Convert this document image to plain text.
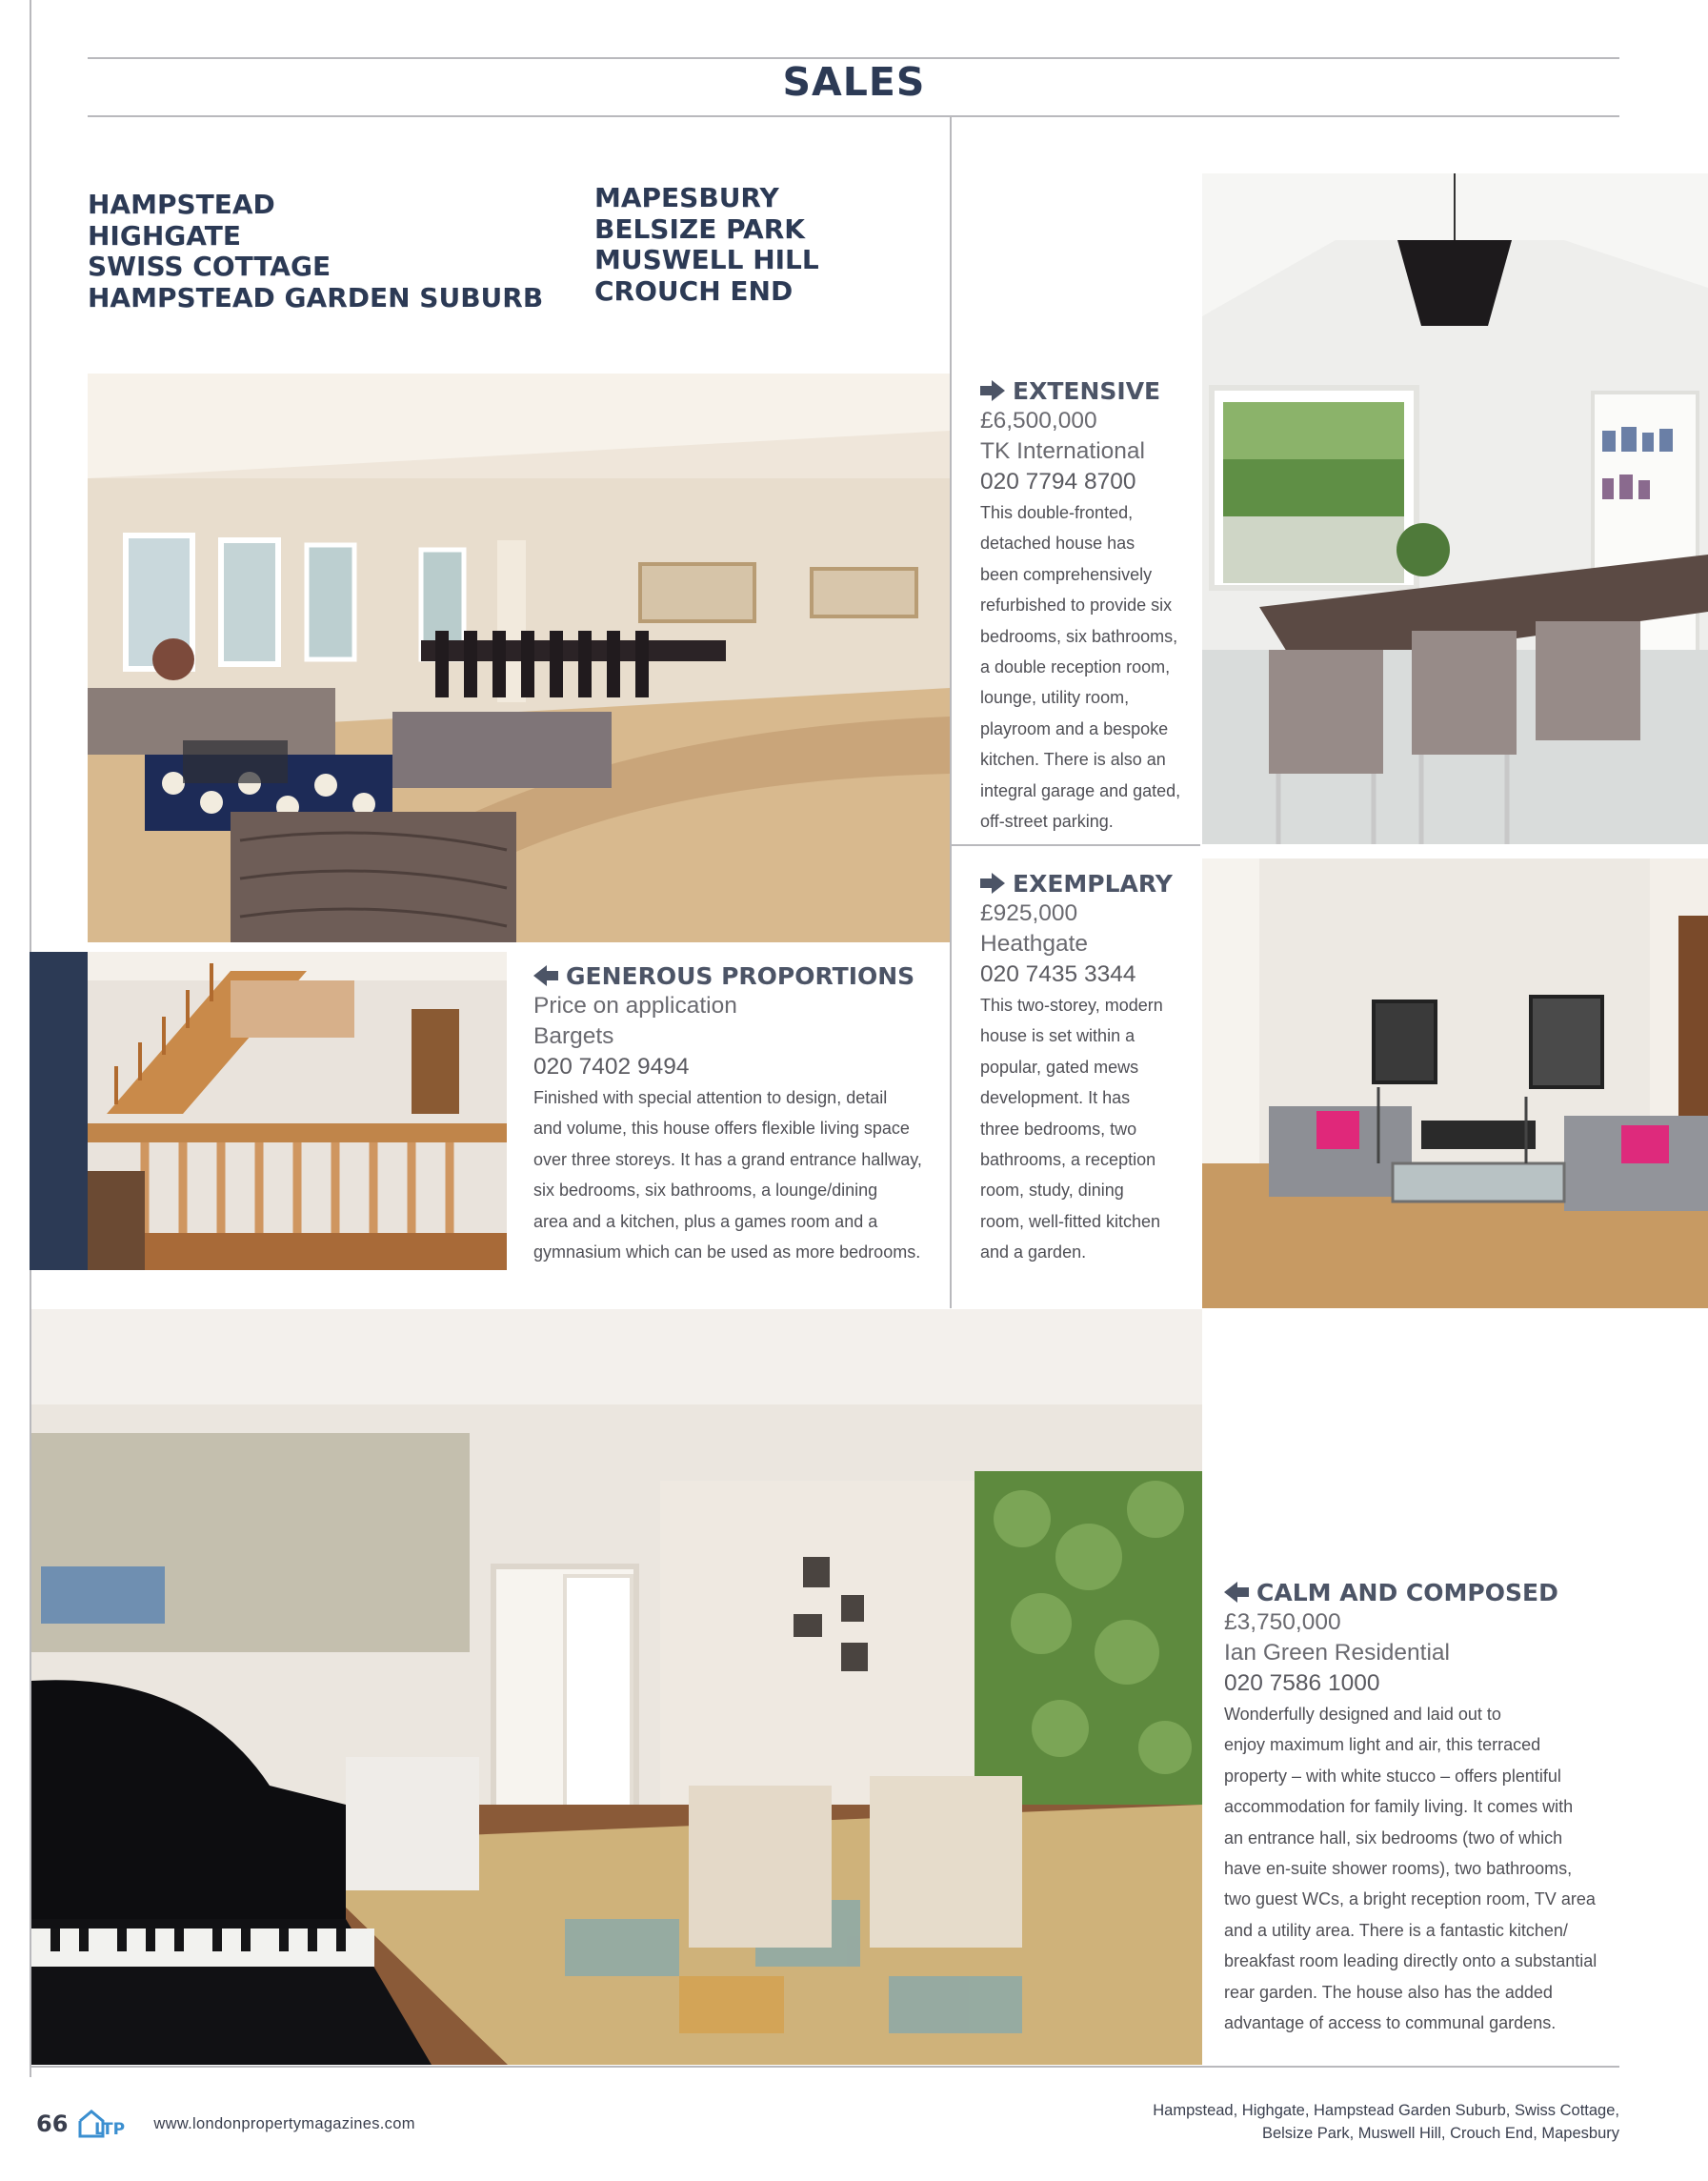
SALES
HAMPSTEAD
HIGHGATE
SWISS COTTAGE
HAMPSTEAD GARDEN SUBURB
MAPESBURY
BELSIZE PARK
MUSWELL HILL
CROUCH END
EXTENSIVE
£6,500,000
TK International
020 7794 8700
This double-fronted,
detached house has
been comprehensively
refurbished to provide six
bedrooms, six bathrooms,
a double reception room,
lounge, utility room,
playroom and a bespoke
kitchen. There is also an
integral garage and gated,
off-street parking.
EXEMPLARY
£925,000
Heathgate
020 7435 3344
This two-storey, modern
house is set within a
popular, gated mews
development. It has
three bedrooms, two
bathrooms, a reception
room, study, dining
room, well-fitted kitchen
and a garden.
GENEROUS PROPORTIONS
Price on application
Bargets
020 7402 9494
Finished with special attention to design, detail
and volume, this house offers flexible living space
over three storeys. It has a grand entrance hallway,
six bedrooms, six bathrooms, a lounge/dining
area and a kitchen, plus a games room and a
gymnasium which can be used as more bedrooms.
CALM AND COMPOSED
£3,750,000
Ian Green Residential
020 7586 1000
Wonderfully designed and laid out to
enjoy maximum light and air, this terraced
property – with white stucco – offers plentiful
accommodation for family living. It comes with
an entrance hall, six bedrooms (two of which
have en-suite shower rooms), two bathrooms,
two guest WCs, a bright reception room, TV area
and a utility area. There is a fantastic kitchen/
breakfast room leading directly onto a substantial
rear garden. The house also has the added
advantage of access to communal gardens.
66 LTP www.londonpropertymagazines.com
Hampstead, Highgate, Hampstead Garden Suburb, Swiss Cottage,
Belsize Park, Muswell Hill, Crouch End, Mapesbury
